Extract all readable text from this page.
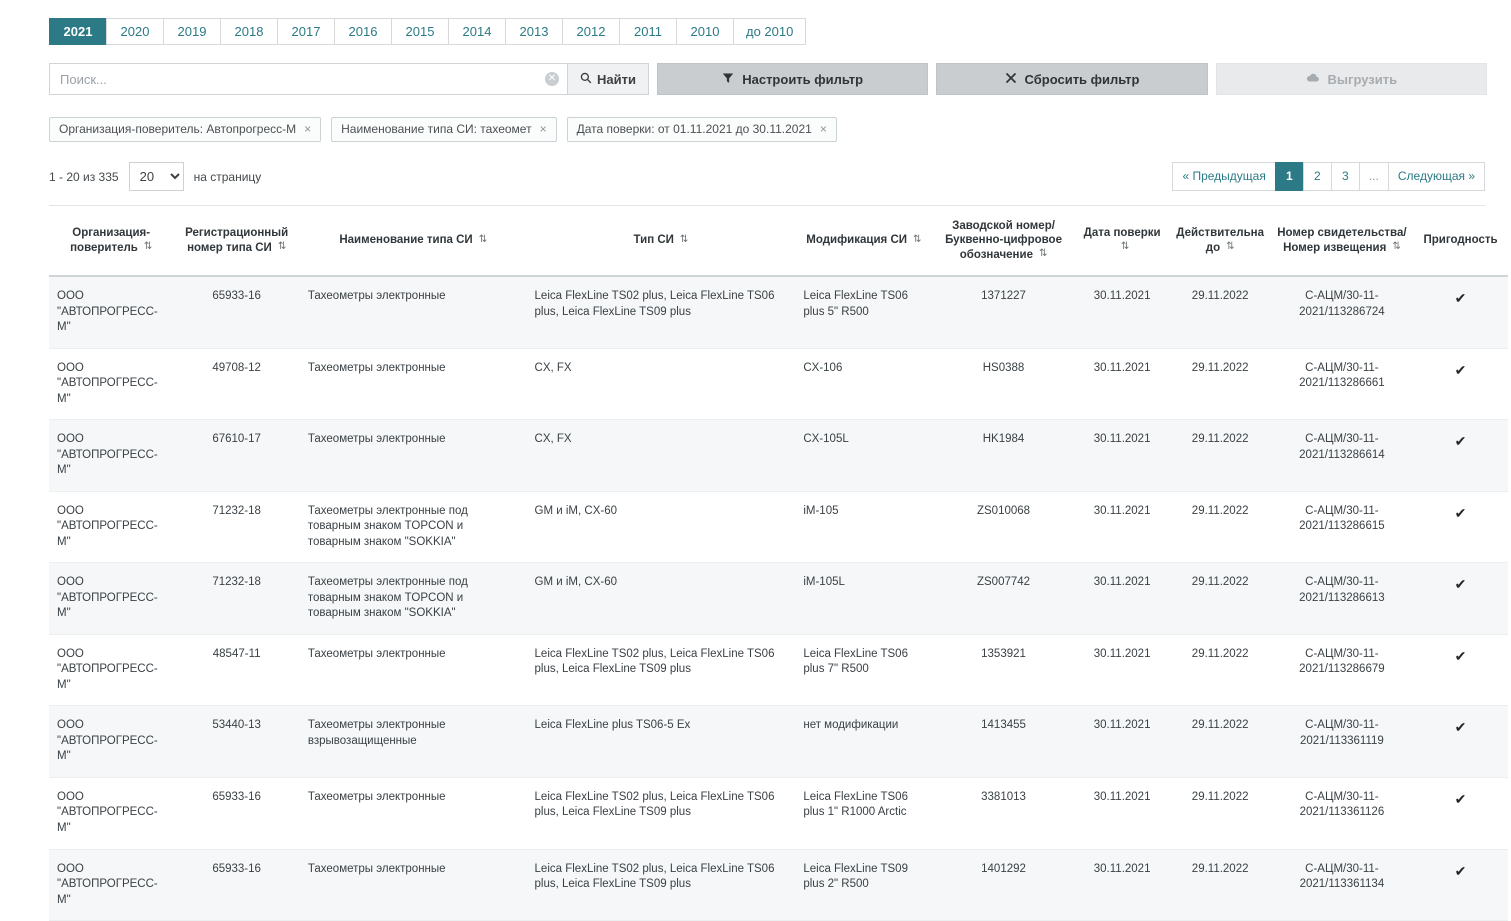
2021	2020	2019	2018	2017	2016	2015	2014	2013	2012	2011	2010	до 2010
Поиск...
✕	Найти	Настроить фильтр	Сбросить фильтр	Выгрузить
Организация-поверитель: Автопрогресс-М ×	Наименование типа СИ: тахеомет ×	Дата поверки: от 01.11.2021 до 30.11.2021 ×
1 - 20 из 335
20	на страницу	« Предыдущая	1	2	3	...	Следующая »
Организация-поверитель ⇅	Регистрационный номер типа СИ ⇅	Наименование типа СИ ⇅	Тип СИ ⇅	Модификация СИ ⇅	Заводской номер/ Буквенно-цифровое обозначение ⇅	Дата поверки⇅	Действительна до ⇅	Номер свидетельства/ Номер извещения ⇅	Пригодность
ООО "АВТОПРОГРЕСС-М"	65933-16	Тахеометры электронные	Leica FlexLine TS02 plus, Leica FlexLine TS06 plus, Leica FlexLine TS09 plus	Leica FlexLine TS06 plus 5" R500	1371227	30.11.2021	29.11.2022	С-АЦМ/30-11-2021/113286724	✔
ООО "АВТОПРОГРЕСС-М"	49708-12	Тахеометры электронные	CX, FX	CX-106	HS0388	30.11.2021	29.11.2022	С-АЦМ/30-11-2021/113286661	✔
ООО "АВТОПРОГРЕСС-М"	67610-17	Тахеометры электронные	CX, FX	CX-105L	HK1984	30.11.2021	29.11.2022	С-АЦМ/30-11-2021/113286614	✔
ООО "АВТОПРОГРЕСС-М"	71232-18	Тахеометры электронные под товарным знаком TOPCON и товарным знаком "SOKKIA"	GM и iM, CX-60	iM-105	ZS010068	30.11.2021	29.11.2022	С-АЦМ/30-11-2021/113286615	✔
ООО "АВТОПРОГРЕСС-М"	71232-18	Тахеометры электронные под товарным знаком TOPCON и товарным знаком "SOKKIA"	GM и iM, CX-60	iM-105L	ZS007742	30.11.2021	29.11.2022	С-АЦМ/30-11-2021/113286613	✔
ООО "АВТОПРОГРЕСС-М"	48547-11	Тахеометры электронные	Leica FlexLine TS02 plus, Leica FlexLine TS06 plus, Leica FlexLine TS09 plus	Leica FlexLine TS06 plus 7" R500	1353921	30.11.2021	29.11.2022	С-АЦМ/30-11-2021/113286679	✔
ООО "АВТОПРОГРЕСС-М"	53440-13	Тахеометры электронные взрывозащищенные	Leica FlexLine plus TS06-5 Ex	нет модификации	1413455	30.11.2021	29.11.2022	С-АЦМ/30-11-2021/113361119	✔
ООО "АВТОПРОГРЕСС-М"	65933-16	Тахеометры электронные	Leica FlexLine TS02 plus, Leica FlexLine TS06 plus, Leica FlexLine TS09 plus	Leica FlexLine TS06 plus 1" R1000 Arctic	3381013	30.11.2021	29.11.2022	С-АЦМ/30-11-2021/113361126	✔
ООО "АВТОПРОГРЕСС-М"	65933-16	Тахеометры электронные	Leica FlexLine TS02 plus, Leica FlexLine TS06 plus, Leica FlexLine TS09 plus	Leica FlexLine TS09 plus 2" R500	1401292	30.11.2021	29.11.2022	С-АЦМ/30-11-2021/113361134	✔
